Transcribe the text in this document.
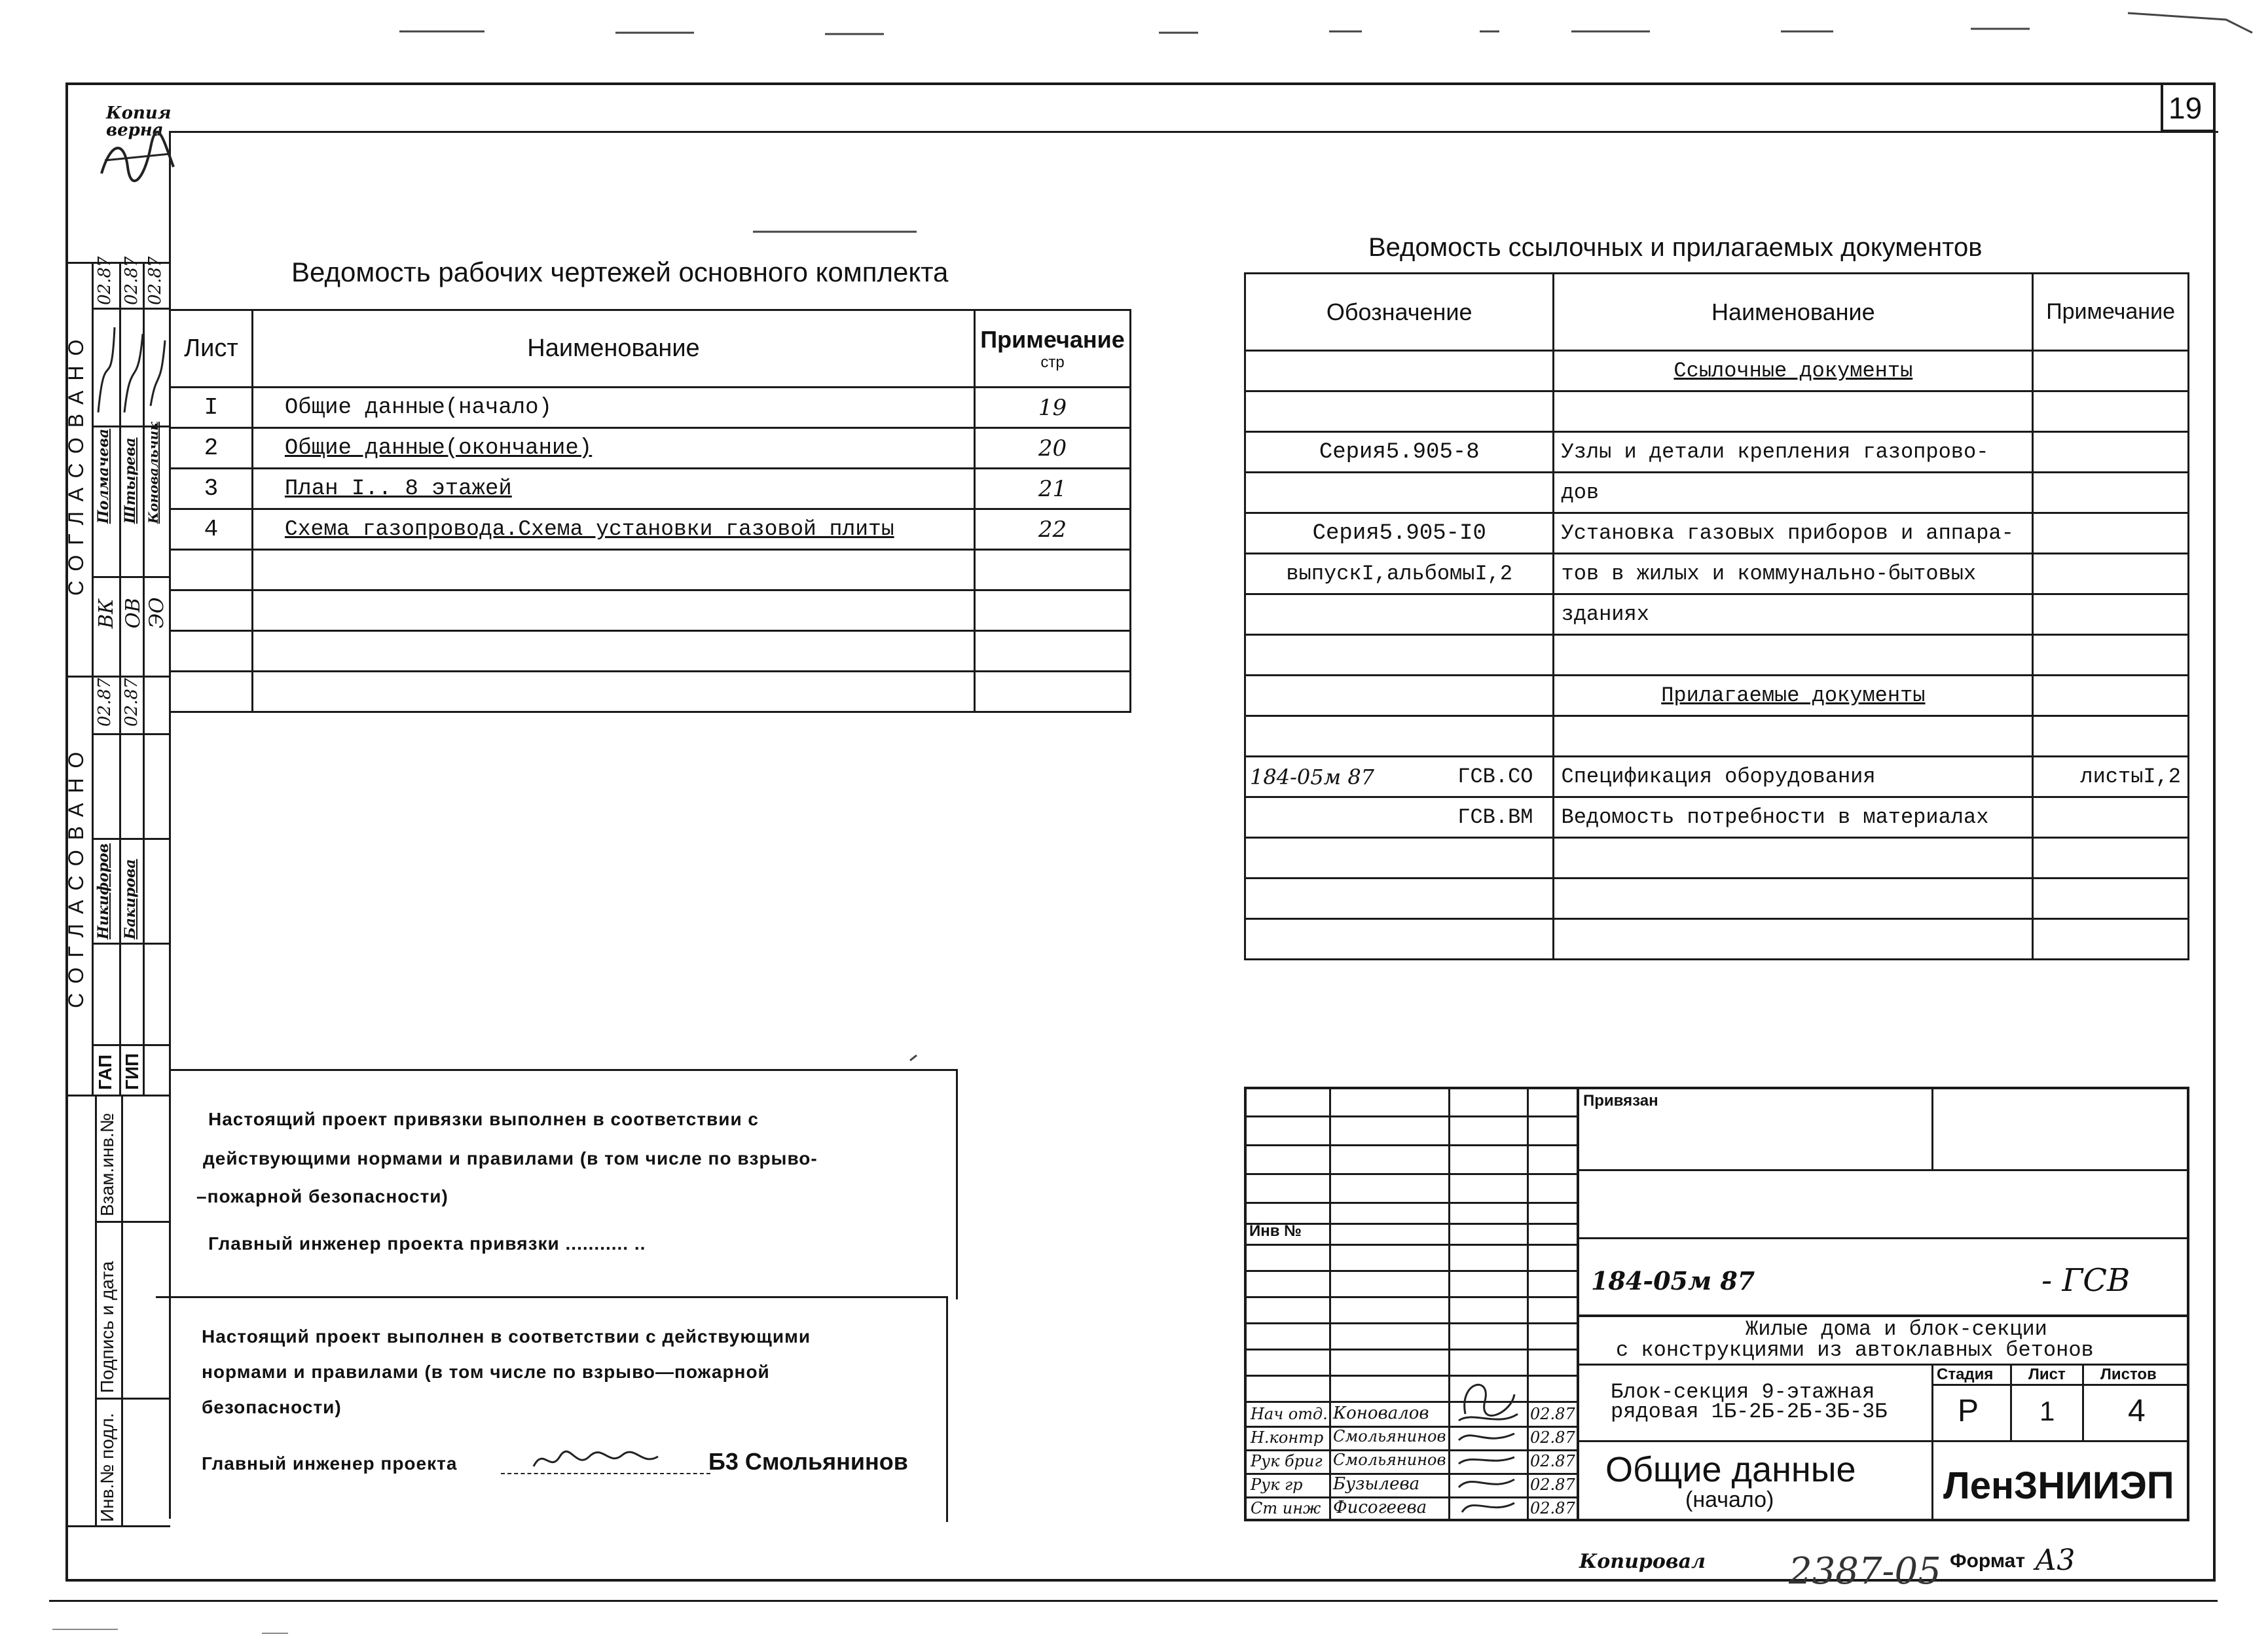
19
Копия
верна
Ведомость рабочих чертежей основного комплекта
Лист	Наименование	Примечание
стр

I	Общие данные(начало)	19
2	Общие данные(окончание)	20
3	План I.. 8 этажей	21
4	Схема газопровода.Схема установки газовой плиты	22

Ведомость ссылочных и прилагаемых документов
Обозначение	Наименование	Примечание
	Ссылочные документы	

Серия5.905-8	Узлы и детали крепления газопрово-	
	дов	
Серия5.905-I0	Установка газовых приборов и аппара-	
выпускI,альбомыI,2	тов в жилых и коммунально-бытовых	
	зданиях	

	Прилагаемые документы	

184-05м 87 ГСВ.СО	Спецификация оборудования	листыI,2

ГСВ.ВМ	Ведомость потребности в материалах	

СОГЛАСОВАНО
02.87 02.87 02.87
Полмачева Штырева Коновальчик
ВК ОВ ЭО
СОГЛАСОВАНО
02.87 02.87
Никифоров Бакирова
ГАП ГИП
Инв.№ подл.
Подпись и дата
Взам.инв.№	Настоящий проект привязки выполнен в соответствии с
действующими нормами и правилами (в том числе по взрыво-
–пожарной безопасности)
Главный инженер проекта привязки ........... ..
Настоящий проект выполнен в соответствии с действующими
нормами и правилами (в том числе по взрыво—пожарной
безопасности)
Главный инженер проекта	Б3 Смольянинов
Инв №
Нач отд. Коновалов	02.87
Н.контр Смольянинов	02.87
Рук бриг Смольянинов	02.87
Рук гр Бузылева	02.87
Ст инж Фиcогеева	02.87
Привязан
184-05м 87	- ГСВ
Жилые дома и блок-секции
с конструкциями из автоклавных бетонов
Блок-секция 9-этажная
рядовая 1Б-2Б-2Б-3Б-3Б
Стадия Лист Листов
Р 1 4
Общие данные
(начало)	ЛенЗНИИЭП
Копировал 2387-05 Формат А3
